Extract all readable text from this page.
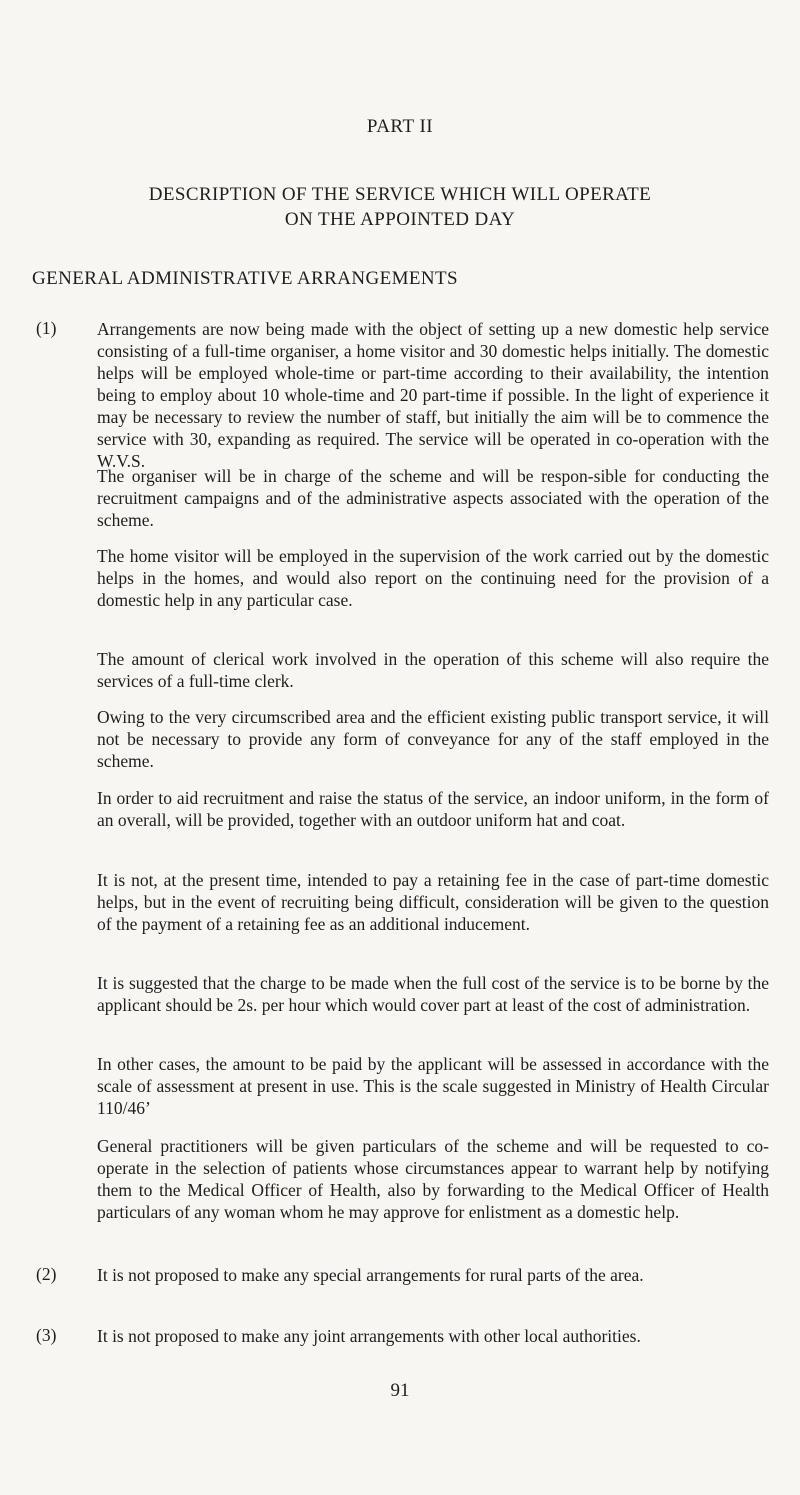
PART II
DESCRIPTION OF THE SERVICE WHICH WILL OPERATE
ON THE APPOINTED DAY
GENERAL ADMINISTRATIVE ARRANGEMENTS
(1) Arrangements are now being made with the object of setting up a new domestic help service consisting of a full-time organiser, a home visitor and 30 domestic helps initially. The domestic helps will be employed whole-time or part-time according to their availability, the intention being to employ about 10 whole-time and 20 part-time if possible. In the light of experience it may be necessary to review the number of staff, but initially the aim will be to commence the service with 30, expanding as required. The service will be operated in co-operation with the W.V.S.

The organiser will be in charge of the scheme and will be respon-sible for conducting the recruitment campaigns and of the administrative aspects associated with the operation of the scheme.

The home visitor will be employed in the supervision of the work carried out by the domestic helps in the homes, and would also report on the continuing need for the provision of a domestic help in any particular case.

The amount of clerical work involved in the operation of this scheme will also require the services of a full-time clerk.

Owing to the very circumscribed area and the efficient existing public transport service, it will not be necessary to provide any form of conveyance for any of the staff employed in the scheme.

In order to aid recruitment and raise the status of the service, an indoor uniform, in the form of an overall, will be provided, together with an outdoor uniform hat and coat.

It is not, at the present time, intended to pay a retaining fee in the case of part-time domestic helps, but in the event of recruiting being difficult, consideration will be given to the question of the payment of a retaining fee as an additional inducement.

It is suggested that the charge to be made when the full cost of the service is to be borne by the applicant should be 2s. per hour which would cover part at least of the cost of administration.

In other cases, the amount to be paid by the applicant will be assessed in accordance with the scale of assessment at present in use. This is the scale suggested in Ministry of Health Circular 110/46’

General practitioners will be given particulars of the scheme and will be requested to co-operate in the selection of patients whose circumstances appear to warrant help by notifying them to the Medical Officer of Health, also by forwarding to the Medical Officer of Health particulars of any woman whom he may approve for enlistment as a domestic help.

(2) It is not proposed to make any special arrangements for rural parts of the area.

(3) It is not proposed to make any joint arrangements with other local authorities.

91
